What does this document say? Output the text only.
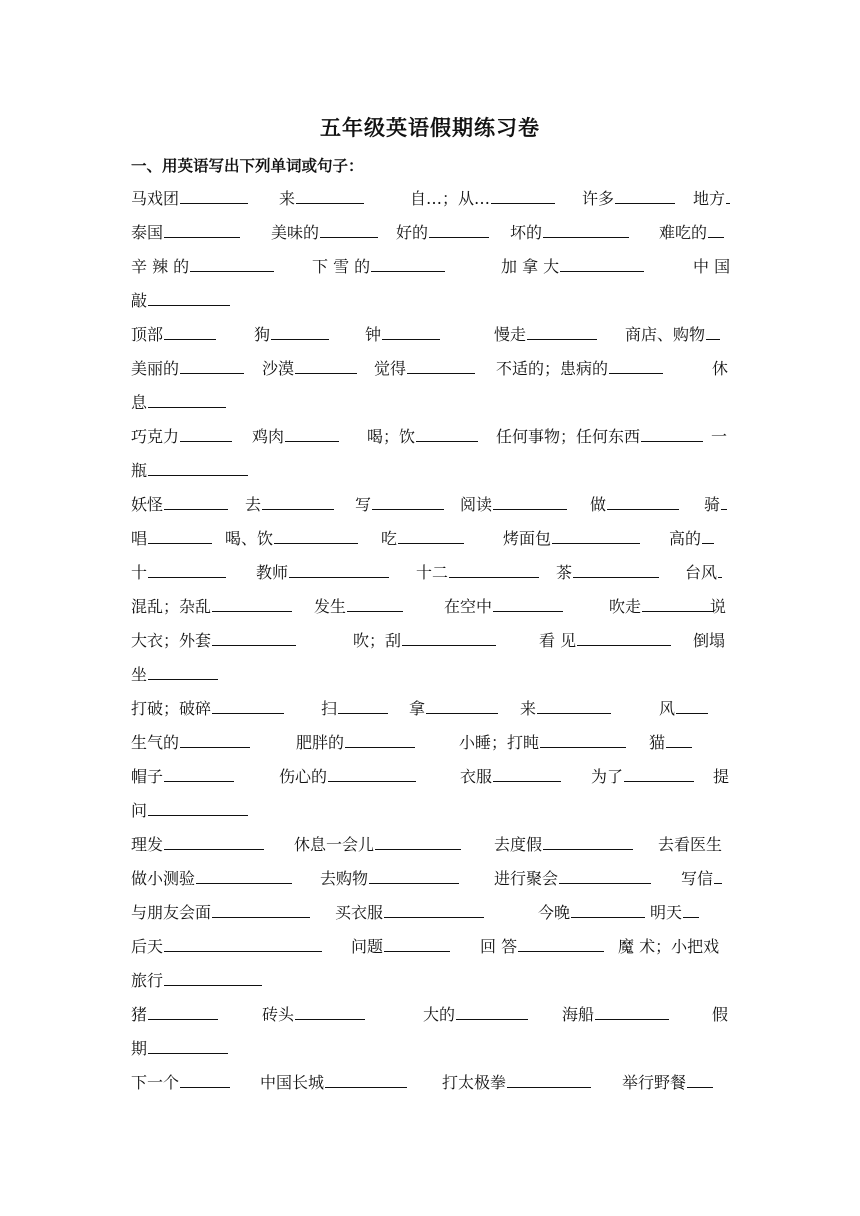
五年级英语假期练习卷
一、用英语写出下列单词或句子：
马戏团	来	自…；从…	许多	地方
泰国	美味的	好的	坏的	难吃的
辛 辣 的	下 雪 的	加 拿 大	中 国
敲
顶部	狗	钟	慢走	商店、购物
美丽的	沙漠	觉得	不适的；患病的	休
息
巧克力	鸡肉	喝；饮	任何事物；任何东西	一
瓶
妖怪	去	写	阅读	做	骑
唱	喝、饮	吃	烤面包	高的
十	教师	十二	茶	台风
混乱；杂乱	发生	在空中	吹走	说
大衣；外套	吹；刮	看 见	倒塌
坐
打破；破碎	扫	拿	来	风
生气的	肥胖的	小睡；打盹	猫
帽子	伤心的	衣服	为了	提
问
理发	休息一会儿	去度假	去看医生
做小测验	去购物	进行聚会	写信
与朋友会面	买衣服	今晚	明天
后天	问题	回 答	魔 术；小把戏
旅行
猪	砖头	大的	海船	假
期
下一个	中国长城	打太极拳	举行野餐
